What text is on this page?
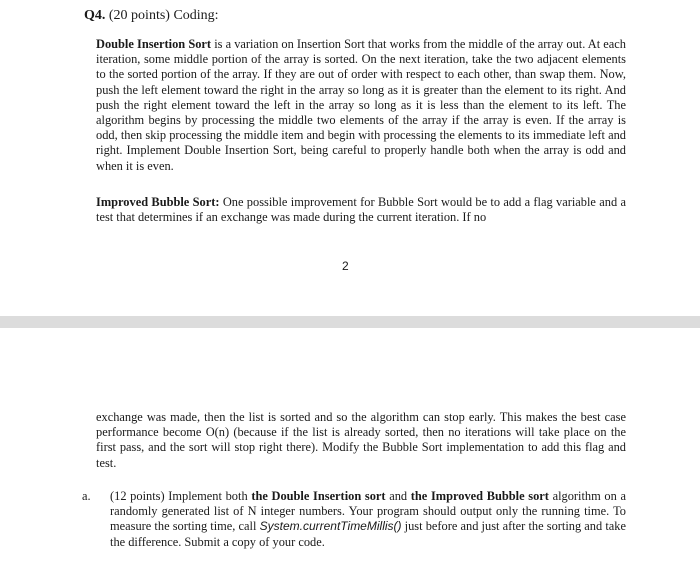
Q4. (20 points) Coding:
Double Insertion Sort is a variation on Insertion Sort that works from the middle of the array out. At each iteration, some middle portion of the array is sorted. On the next iteration, take the two adjacent elements to the sorted portion of the array. If they are out of order with respect to each other, than swap them. Now, push the left element toward the right in the array so long as it is greater than the element to its right. And push the right element toward the left in the array so long as it is less than the element to its left. The algorithm begins by processing the middle two elements of the array if the array is even. If the array is odd, then skip processing the middle item and begin with processing the elements to its immediate left and right. Implement Double Insertion Sort, being careful to properly handle both when the array is odd and when it is even.
Improved Bubble Sort: One possible improvement for Bubble Sort would be to add a flag variable and a test that determines if an exchange was made during the current iteration. If no
2
exchange was made, then the list is sorted and so the algorithm can stop early. This makes the best case performance become O(n) (because if the list is already sorted, then no iterations will take place on the first pass, and the sort will stop right there). Modify the Bubble Sort implementation to add this flag and test.
a. (12 points) Implement both the Double Insertion sort and the Improved Bubble sort algorithm on a randomly generated list of N integer numbers. Your program should output only the running time. To measure the sorting time, call System.currentTimeMillis() just before and just after the sorting and take the difference. Submit a copy of your code.
